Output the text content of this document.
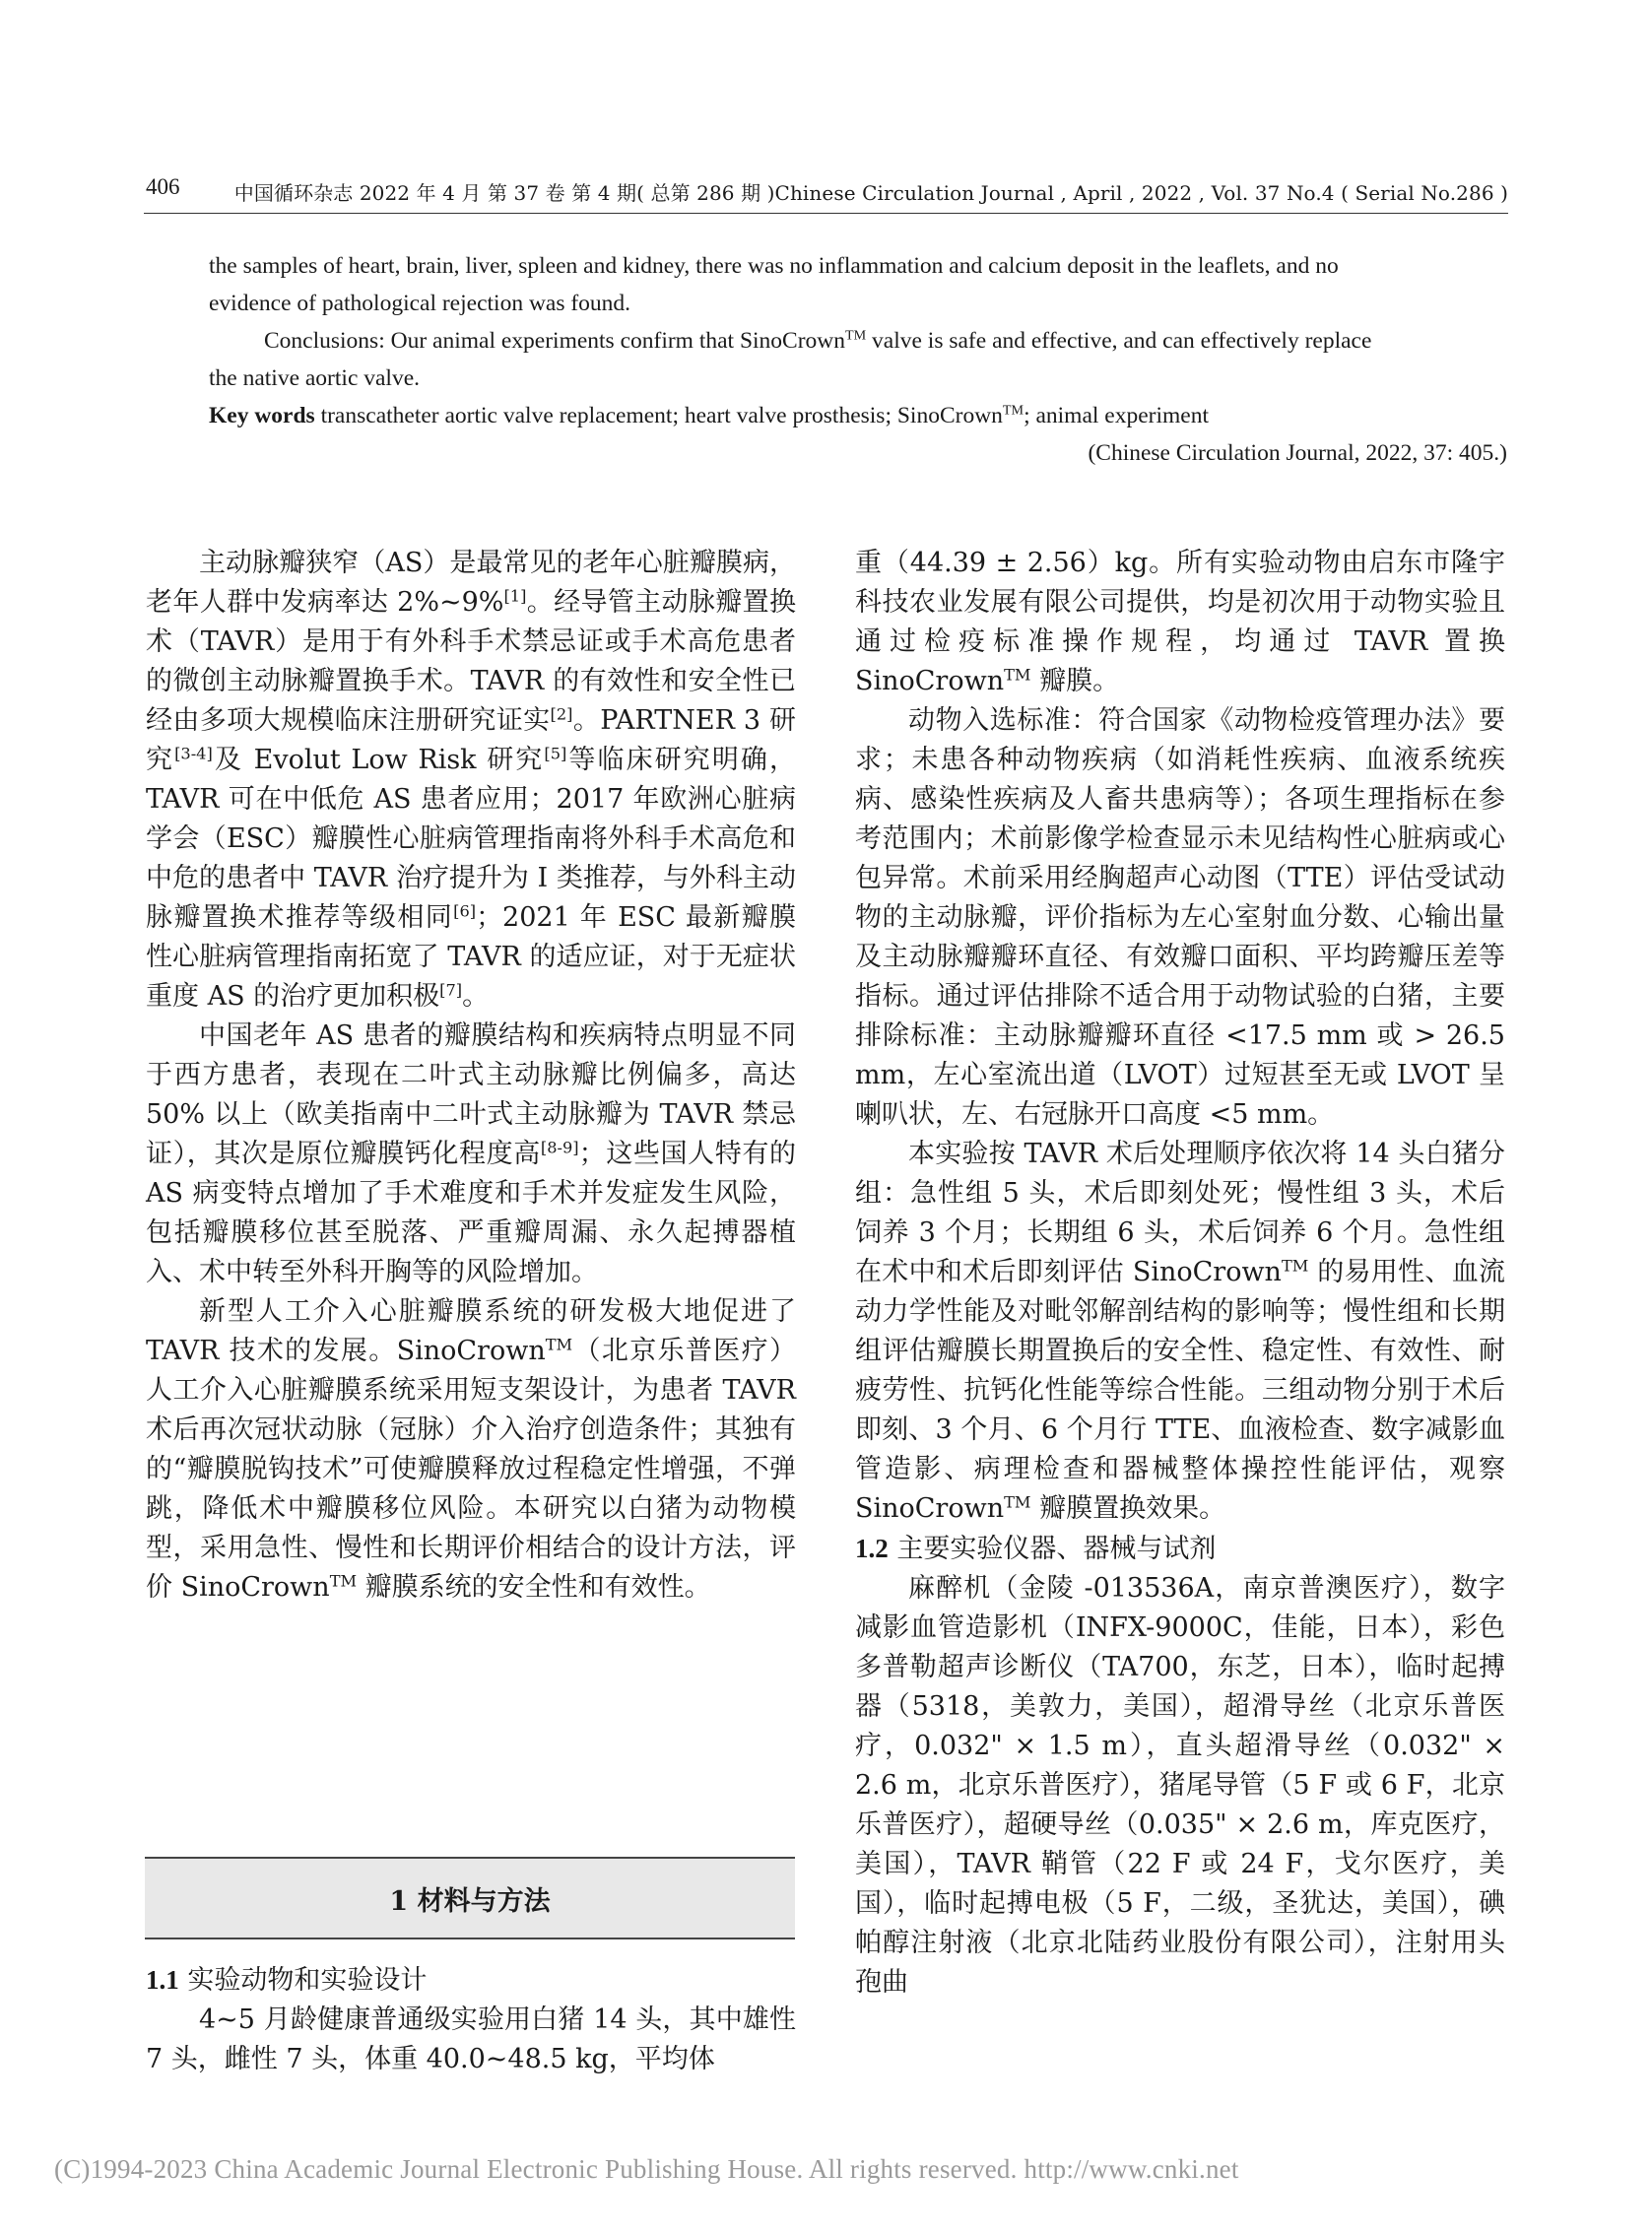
406	中国循环杂志 2022 年 4 月 第 37 卷 第 4 期( 总第 286 期 )Chinese Circulation Journal , April , 2022 , Vol. 37 No.4 ( Serial No.286 )
the samples of heart, brain, liver, spleen and kidney, there was no inflammation and calcium deposit in the leaflets, and no
evidence of pathological rejection was found.
Conclusions: Our animal experiments confirm that SinoCrown™ valve is safe and effective, and can effectively replace
the native aortic valve.
Key words transcatheter aortic valve replacement; heart valve prosthesis; SinoCrown™; animal experiment
(Chinese Circulation Journal, 2022, 37: 405.)

主动脉瓣狭窄（AS）是最常见的老年心脏瓣膜病，老年人群中发病率达 2%~9%[1]。经导管主动脉瓣置换术（TAVR）是用于有外科手术禁忌证或手术高危患者的微创主动脉瓣置换手术。TAVR 的有效性和安全性已经由多项大规模临床注册研究证实[2]。PARTNER 3 研究[3-4]及 Evolut Low Risk 研究[5]等临床研究明确，TAVR 可在中低危 AS 患者应用；2017 年欧洲心脏病学会（ESC）瓣膜性心脏病管理指南将外科手术高危和中危的患者中 TAVR 治疗提升为 Ⅰ 类推荐，与外科主动脉瓣置换术推荐等级相同[6]；2021 年 ESC 最新瓣膜性心脏病管理指南拓宽了 TAVR 的适应证，对于无症状重度 AS 的治疗更加积极[7]。

中国老年 AS 患者的瓣膜结构和疾病特点明显不同于西方患者，表现在二叶式主动脉瓣比例偏多，高达 50% 以上（欧美指南中二叶式主动脉瓣为 TAVR 禁忌证），其次是原位瓣膜钙化程度高[8-9]；这些国人特有的 AS 病变特点增加了手术难度和手术并发症发生风险，包括瓣膜移位甚至脱落、严重瓣周漏、永久起搏器植入、术中转至外科开胸等的风险增加。

新型人工介入心脏瓣膜系统的研发极大地促进了 TAVR 技术的发展。SinoCrown™（北京乐普医疗）人工介入心脏瓣膜系统采用短支架设计，为患者 TAVR 术后再次冠状动脉（冠脉）介入治疗创造条件；其独有的“瓣膜脱钩技术”可使瓣膜释放过程稳定性增强，不弹跳，降低术中瓣膜移位风险。本研究以白猪为动物模型，采用急性、慢性和长期评价相结合的设计方法，评价 SinoCrown™ 瓣膜系统的安全性和有效性。

1 材料与方法
1.1 实验动物和实验设计

4~5 月龄健康普通级实验用白猪 14 头，其中雄性 7 头，雌性 7 头，体重 40.0~48.5 kg，平均体

重（44.39 ± 2.56）kg。所有实验动物由启东市隆宇科技农业发展有限公司提供，均是初次用于动物实验且通过检疫标准操作规程，均通过 TAVR 置换 SinoCrown™ 瓣膜。

动物入选标准：符合国家《动物检疫管理办法》要求；未患各种动物疾病（如消耗性疾病、血液系统疾病、感染性疾病及人畜共患病等）；各项生理指标在参考范围内；术前影像学检查显示未见结构性心脏病或心包异常。术前采用经胸超声心动图（TTE）评估受试动物的主动脉瓣，评价指标为左心室射血分数、心输出量及主动脉瓣瓣环直径、有效瓣口面积、平均跨瓣压差等指标。通过评估排除不适合用于动物试验的白猪，主要排除标准：主动脉瓣瓣环直径 <17.5 mm 或 > 26.5 mm，左心室流出道（LVOT）过短甚至无或 LVOT 呈喇叭状，左、右冠脉开口高度 <5 mm。

本实验按 TAVR 术后处理顺序依次将 14 头白猪分组：急性组 5 头，术后即刻处死；慢性组 3 头，术后饲养 3 个月；长期组 6 头，术后饲养 6 个月。急性组在术中和术后即刻评估 SinoCrown™ 的易用性、血流动力学性能及对毗邻解剖结构的影响等；慢性组和长期组评估瓣膜长期置换后的安全性、稳定性、有效性、耐疲劳性、抗钙化性能等综合性能。三组动物分别于术后即刻、3 个月、6 个月行 TTE、血液检查、数字减影血管造影、病理检查和器械整体操控性能评估，观察 SinoCrown™ 瓣膜置换效果。

1.2 主要实验仪器、器械与试剂

麻醉机（金陵 -013536A，南京普澳医疗），数字减影血管造影机（INFX-9000C，佳能，日本），彩色多普勒超声诊断仪（TA700，东芝，日本），临时起搏器（5318，美敦力，美国），超滑导丝（北京乐普医疗，0.032" × 1.5 m），直头超滑导丝（0.032" × 2.6 m，北京乐普医疗），猪尾导管（5 F 或 6 F，北京乐普医疗），超硬导丝（0.035" × 2.6 m，库克医疗，美国），TAVR 鞘管（22 F 或 24 F，戈尔医疗，美国），临时起搏电极（5 F，二级，圣犹达，美国），碘帕醇注射液（北京北陆药业股份有限公司），注射用头孢曲

(C)1994-2023 China Academic Journal Electronic Publishing House. All rights reserved. http://www.cnki.net
